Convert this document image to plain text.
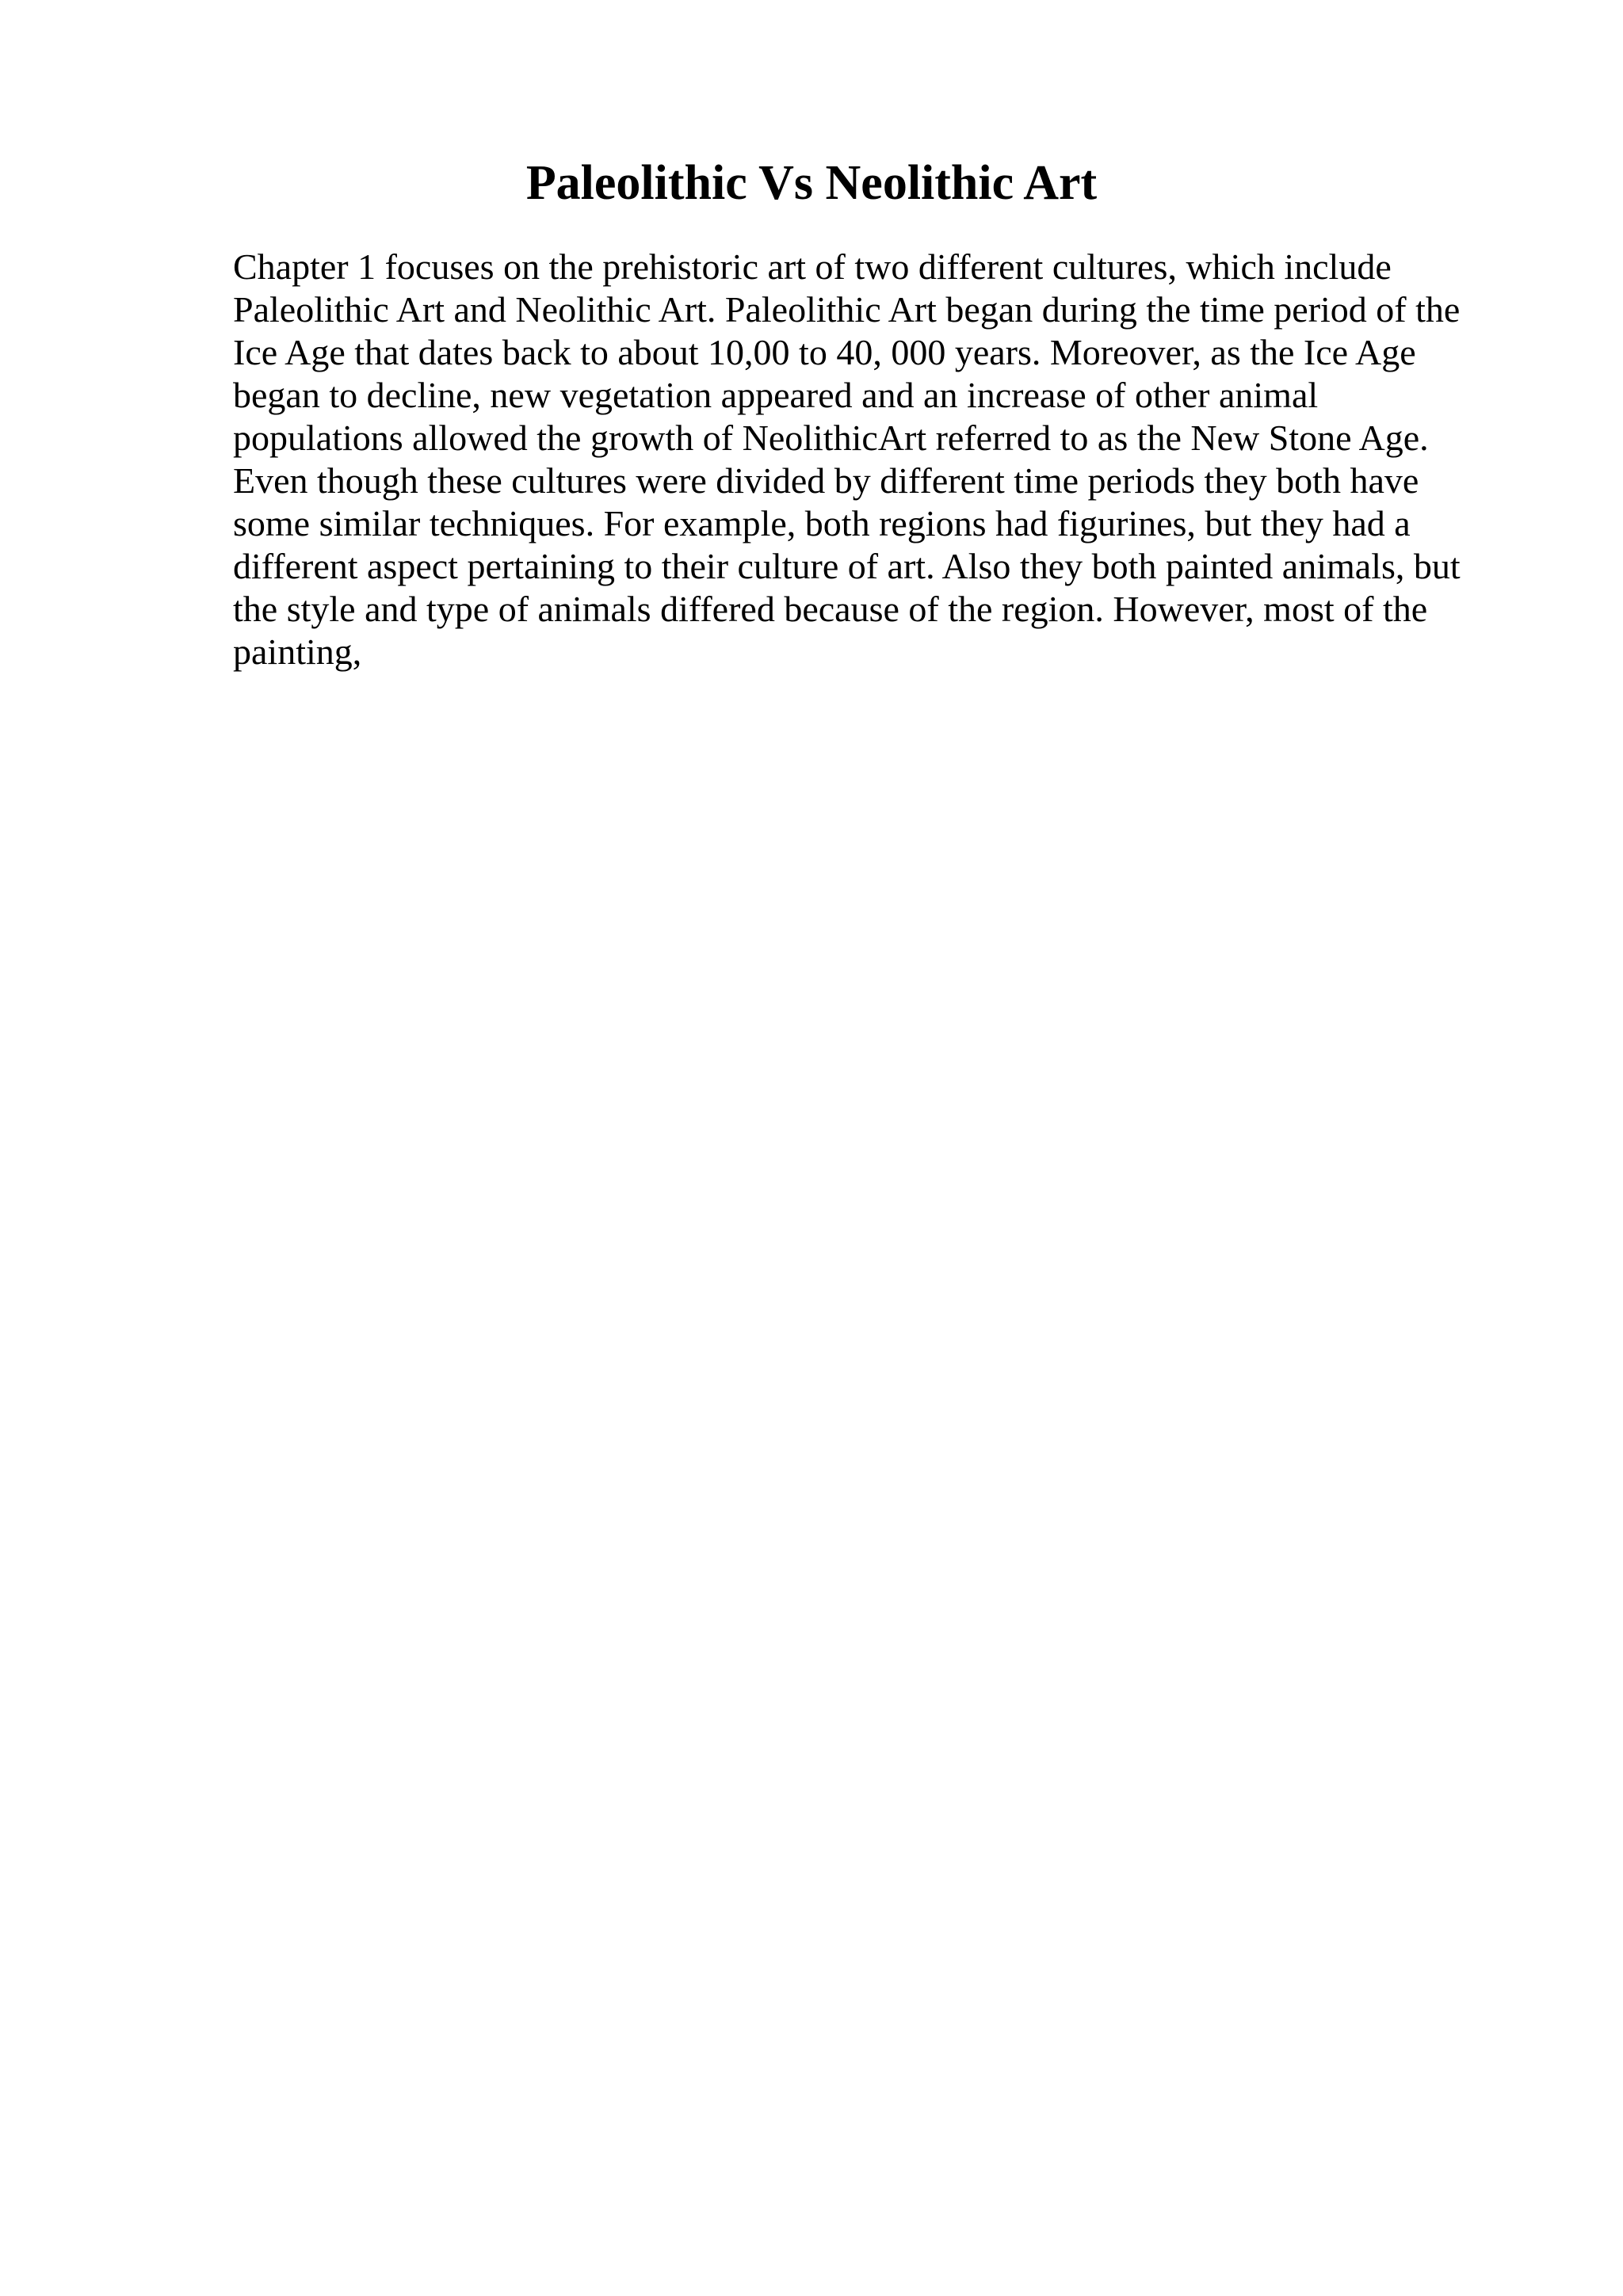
Paleolithic Vs Neolithic Art
Chapter 1 focuses on the prehistoric art of two different cultures, which include
Paleolithic Art and Neolithic Art. Paleolithic Art began during the time period of the
Ice Age that dates back to about 10,00 to 40, 000 years. Moreover, as the Ice Age
began to decline, new vegetation appeared and an increase of other animal
populations allowed the growth of NeolithicArt referred to as the New Stone Age.
Even though these cultures were divided by different time periods they both have
some similar techniques. For example, both regions had figurines, but they had a
different aspect pertaining to their culture of art. Also they both painted animals, but
the style and type of animals differed because of the region. However, most of the
painting,
